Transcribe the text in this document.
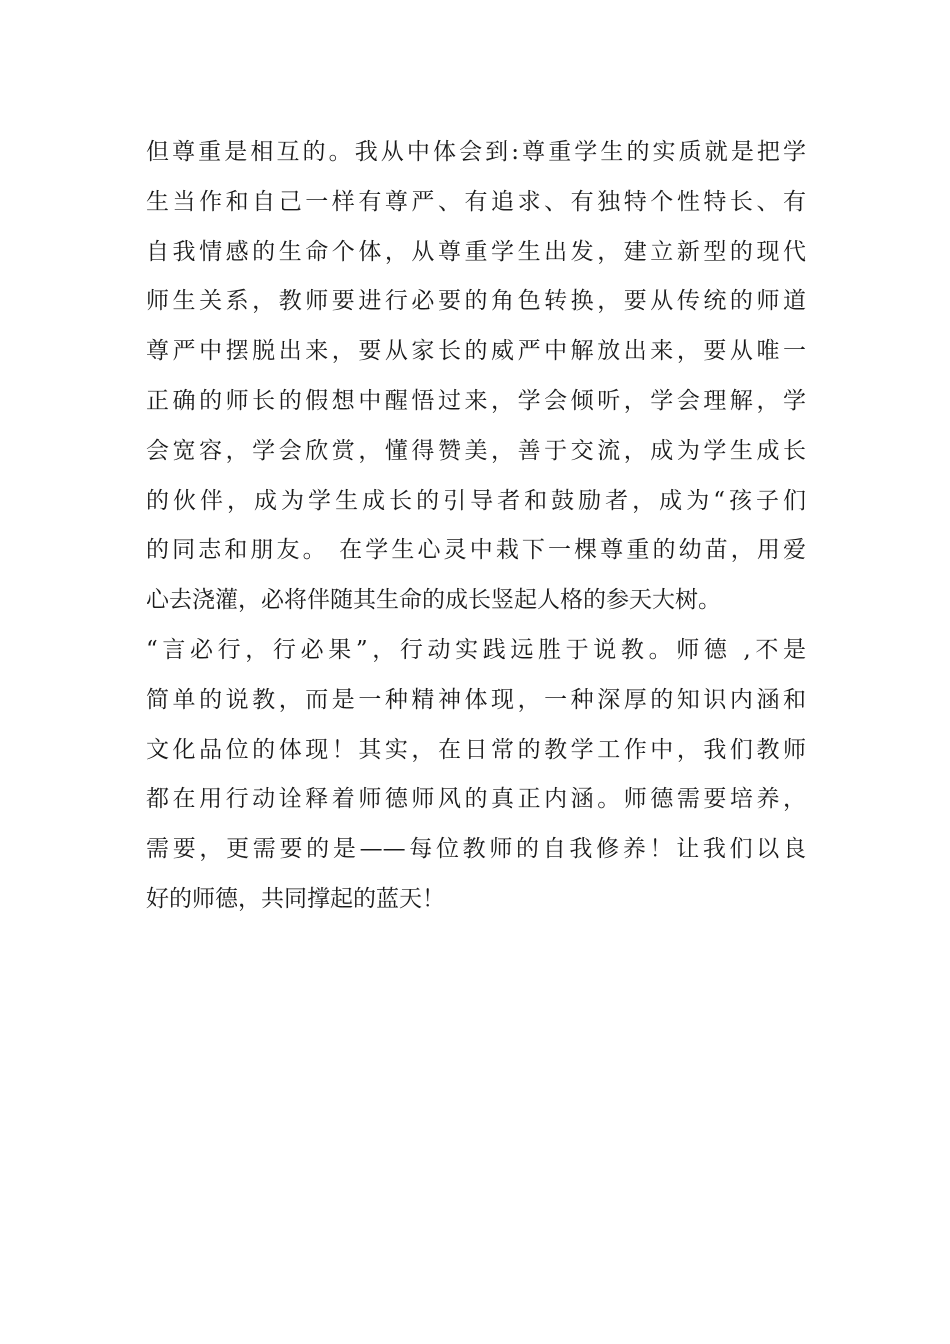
但尊重是相互的。我从中体会到:尊重学生的实质就是把学
生当作和自己一样有尊严、有追求、有独特个性特长、有
自我情感的生命个体，从尊重学生出发，建立新型的现代
师生关系，教师要进行必要的角色转换，要从传统的师道
尊严中摆脱出来，要从家长的威严中解放出来，要从唯一
正确的师长的假想中醒悟过来，学会倾听，学会理解，学
会宽容，学会欣赏，懂得赞美，善于交流，成为学生成长
的伙伴，成为学生成长的引导者和鼓励者，成为“孩子们
的同志和朋友。 在学生心灵中栽下一棵尊重的幼苗，用爱
心去浇灌，必将伴随其生命的成长竖起人格的参天大树。
“言必行，行必果”，行动实践远胜于说教。师德 ,不是
简单的说教，而是一种精神体现，一种深厚的知识内涵和
文化品位的体现！其实，在日常的教学工作中，我们教师
都在用行动诠释着师德师风的真正内涵。师德需要培养，
需要，更需要的是——每位教师的自我修养！让我们以良
好的师德，共同撑起的蓝天！
